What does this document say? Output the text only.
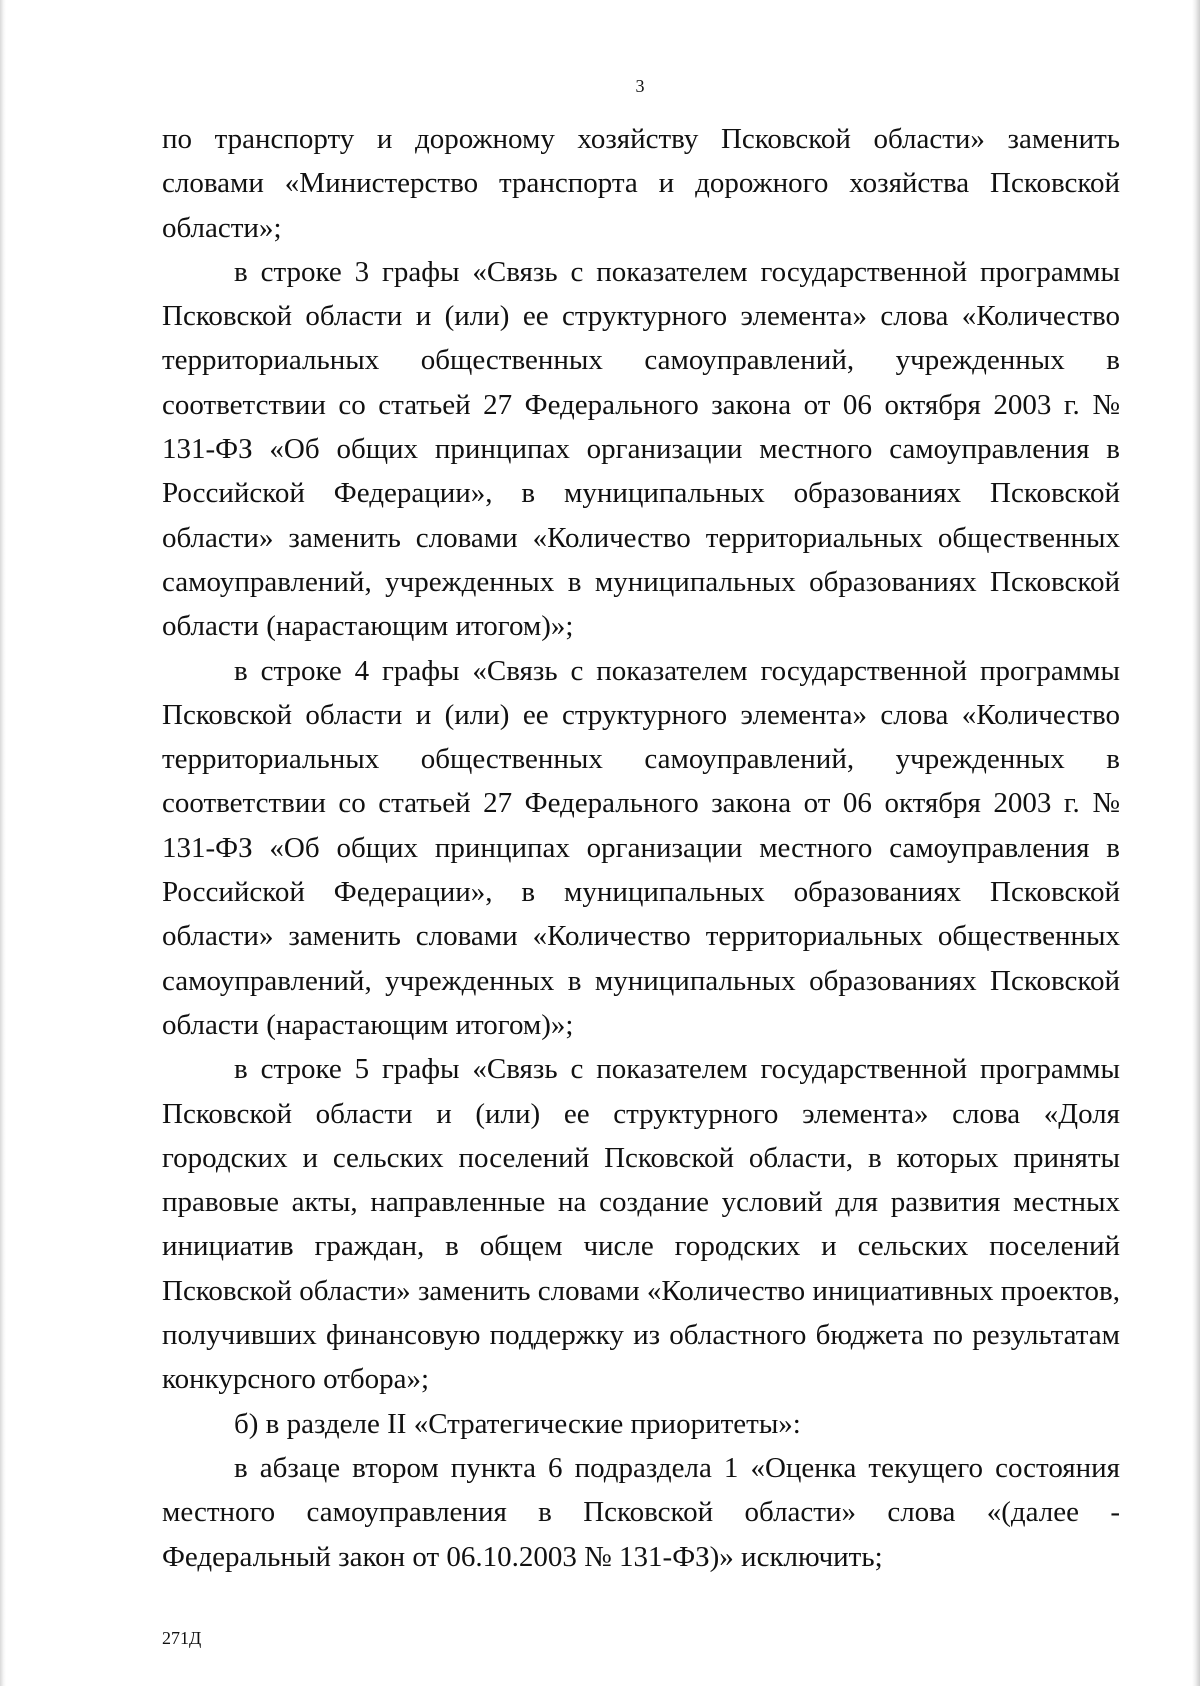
3

по транспорту и дорожному хозяйству Псковской области» заменить словами «Министерство транспорта и дорожного хозяйства Псковской области»;

в строке 3 графы «Связь с показателем государственной программы Псковской области и (или) ее структурного элемента» слова «Количество территориальных общественных самоуправлений, учрежденных в соответствии со статьей 27 Федерального закона от 06 октября 2003 г. № 131-ФЗ «Об общих принципах организации местного самоуправления в Российской Федерации», в муниципальных образованиях Псковской области» заменить словами «Количество территориальных общественных самоуправлений, учрежденных в муниципальных образованиях Псковской области (нарастающим итогом)»;

в строке 4 графы «Связь с показателем государственной программы Псковской области и (или) ее структурного элемента» слова «Количество территориальных общественных самоуправлений, учрежденных в соответствии со статьей 27 Федерального закона от 06 октября 2003 г. № 131-ФЗ «Об общих принципах организации местного самоуправления в Российской Федерации», в муниципальных образованиях Псковской области» заменить словами «Количество территориальных общественных самоуправлений, учрежденных в муниципальных образованиях Псковской области (нарастающим итогом)»;

в строке 5 графы «Связь с показателем государственной программы Псковской области и (или) ее структурного элемента» слова «Доля городских и сельских поселений Псковской области, в которых приняты правовые акты, направленные на создание условий для развития местных инициатив граждан, в общем числе городских и сельских поселений Псковской области» заменить словами «Количество инициативных проектов, получивших финансовую поддержку из областного бюджета по результатам конкурсного отбора»;

б) в разделе II «Стратегические приоритеты»:

в абзаце втором пункта 6 подраздела 1 «Оценка текущего состояния местного самоуправления в Псковской области» слова «(далее - Федеральный закон от 06.10.2003 № 131-ФЗ)» исключить;

271Д
